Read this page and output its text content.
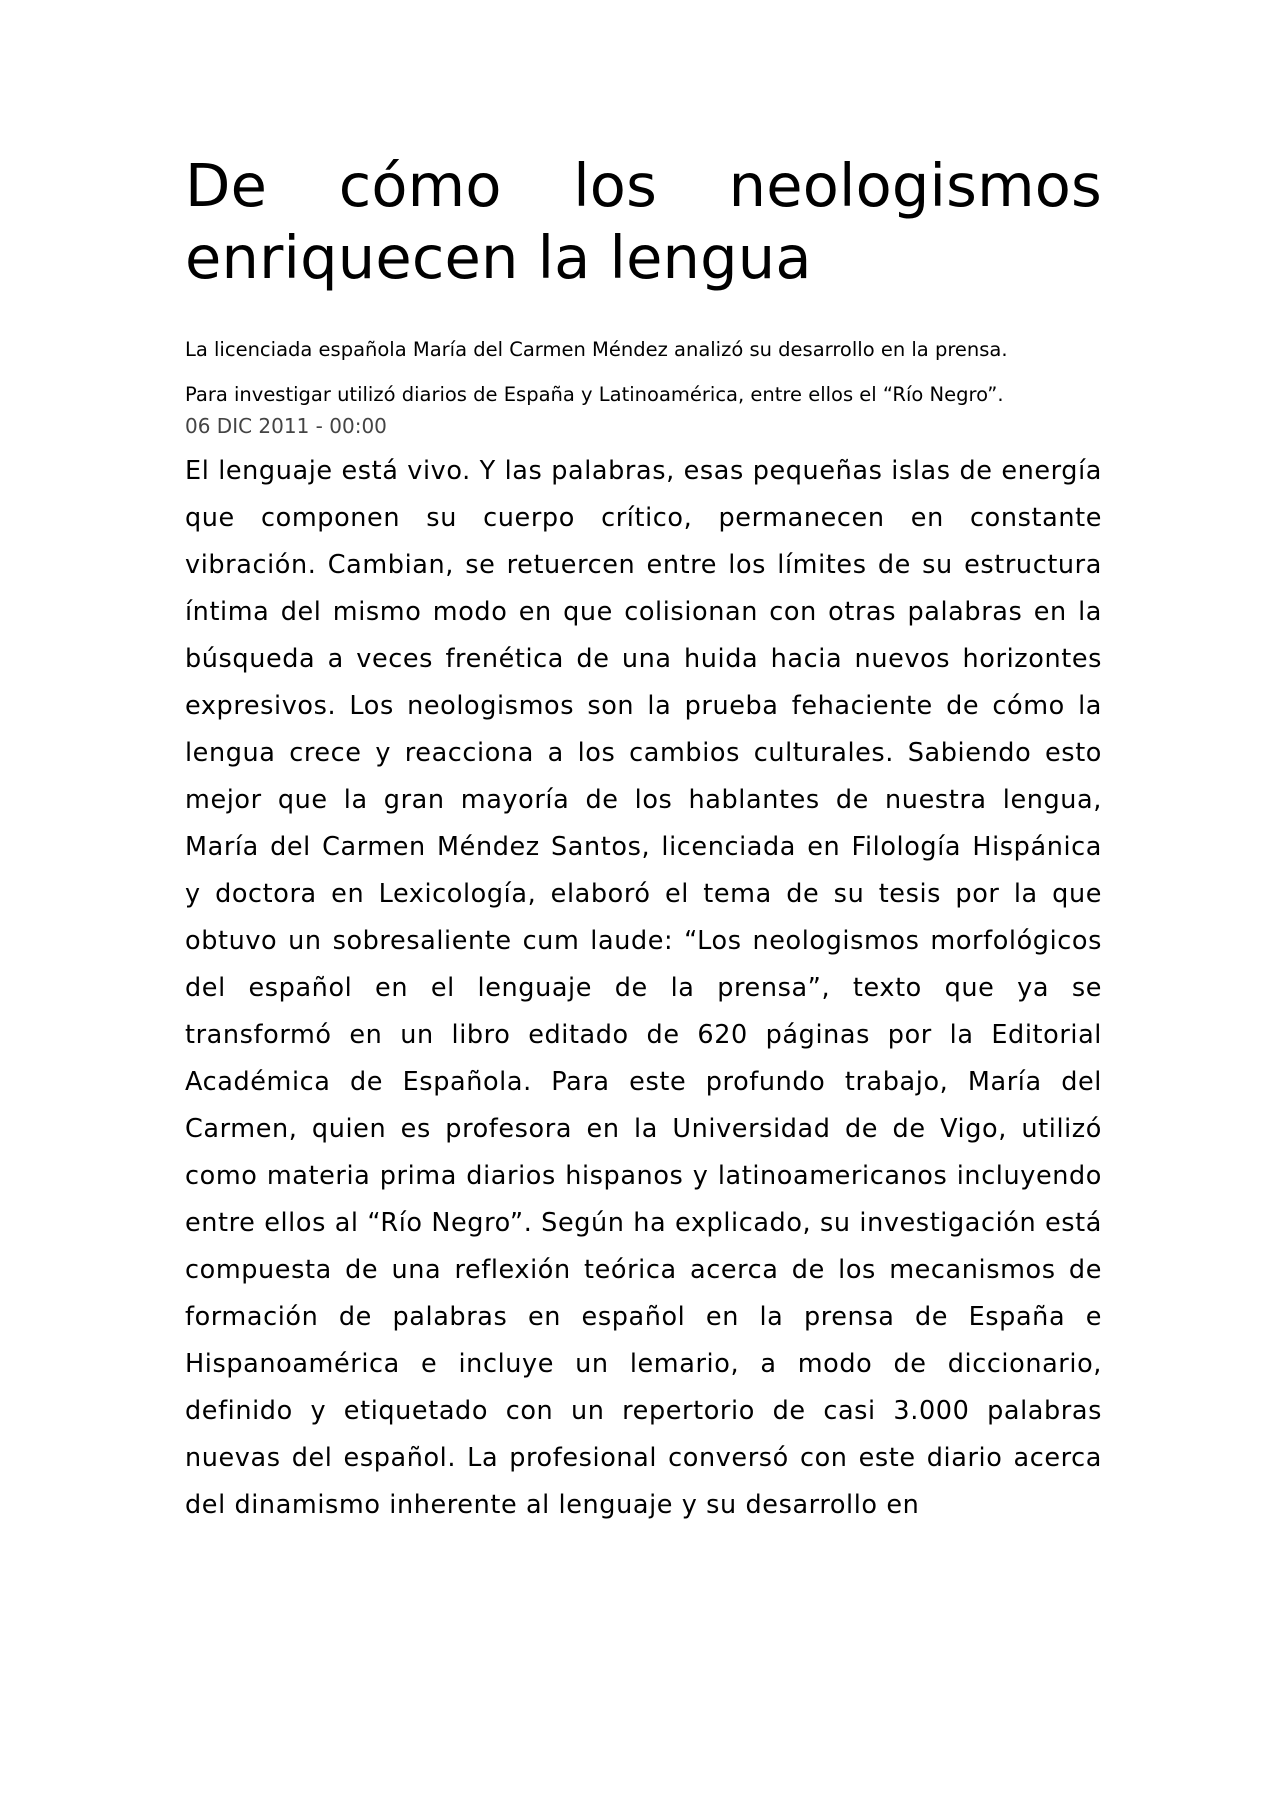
De cómo los neologismos enriquecen la lengua

La licenciada española María del Carmen Méndez analizó su desarrollo en la prensa.

Para investigar utilizó diarios de España y Latinoamérica, entre ellos el “Río Negro”.

06 DIC 2011 - 00:00

El lenguaje está vivo. Y las palabras, esas pequeñas islas de energía que componen su cuerpo crítico, permanecen en constante vibración. Cambian, se retuercen entre los límites de su estructura íntima del mismo modo en que colisionan con otras palabras en la búsqueda a veces frenética de una huida hacia nuevos horizontes expresivos. Los neologismos son la prueba fehaciente de cómo la lengua crece y reacciona a los cambios culturales. Sabiendo esto mejor que la gran mayoría de los hablantes de nuestra lengua, María del Carmen Méndez Santos, licenciada en Filología Hispánica y doctora en Lexicología, elaboró el tema de su tesis por la que obtuvo un sobresaliente cum laude: “Los neologismos morfológicos del español en el lenguaje de la prensa”, texto que ya se transformó en un libro editado de 620 páginas por la Editorial Académica de Española. Para este profundo trabajo, María del Carmen, quien es profesora en la Universidad de de Vigo, utilizó como materia prima diarios hispanos y latinoamericanos incluyendo entre ellos al “Río Negro”. Según ha explicado, su investigación está compuesta de una reflexión teórica acerca de los mecanismos de formación de palabras en español en la prensa de España e Hispanoamérica e incluye un lemario, a modo de diccionario, definido y etiquetado con un repertorio de casi 3.000 palabras nuevas del español. La profesional conversó con este diario acerca del dinamismo inherente al lenguaje y su desarrollo en
